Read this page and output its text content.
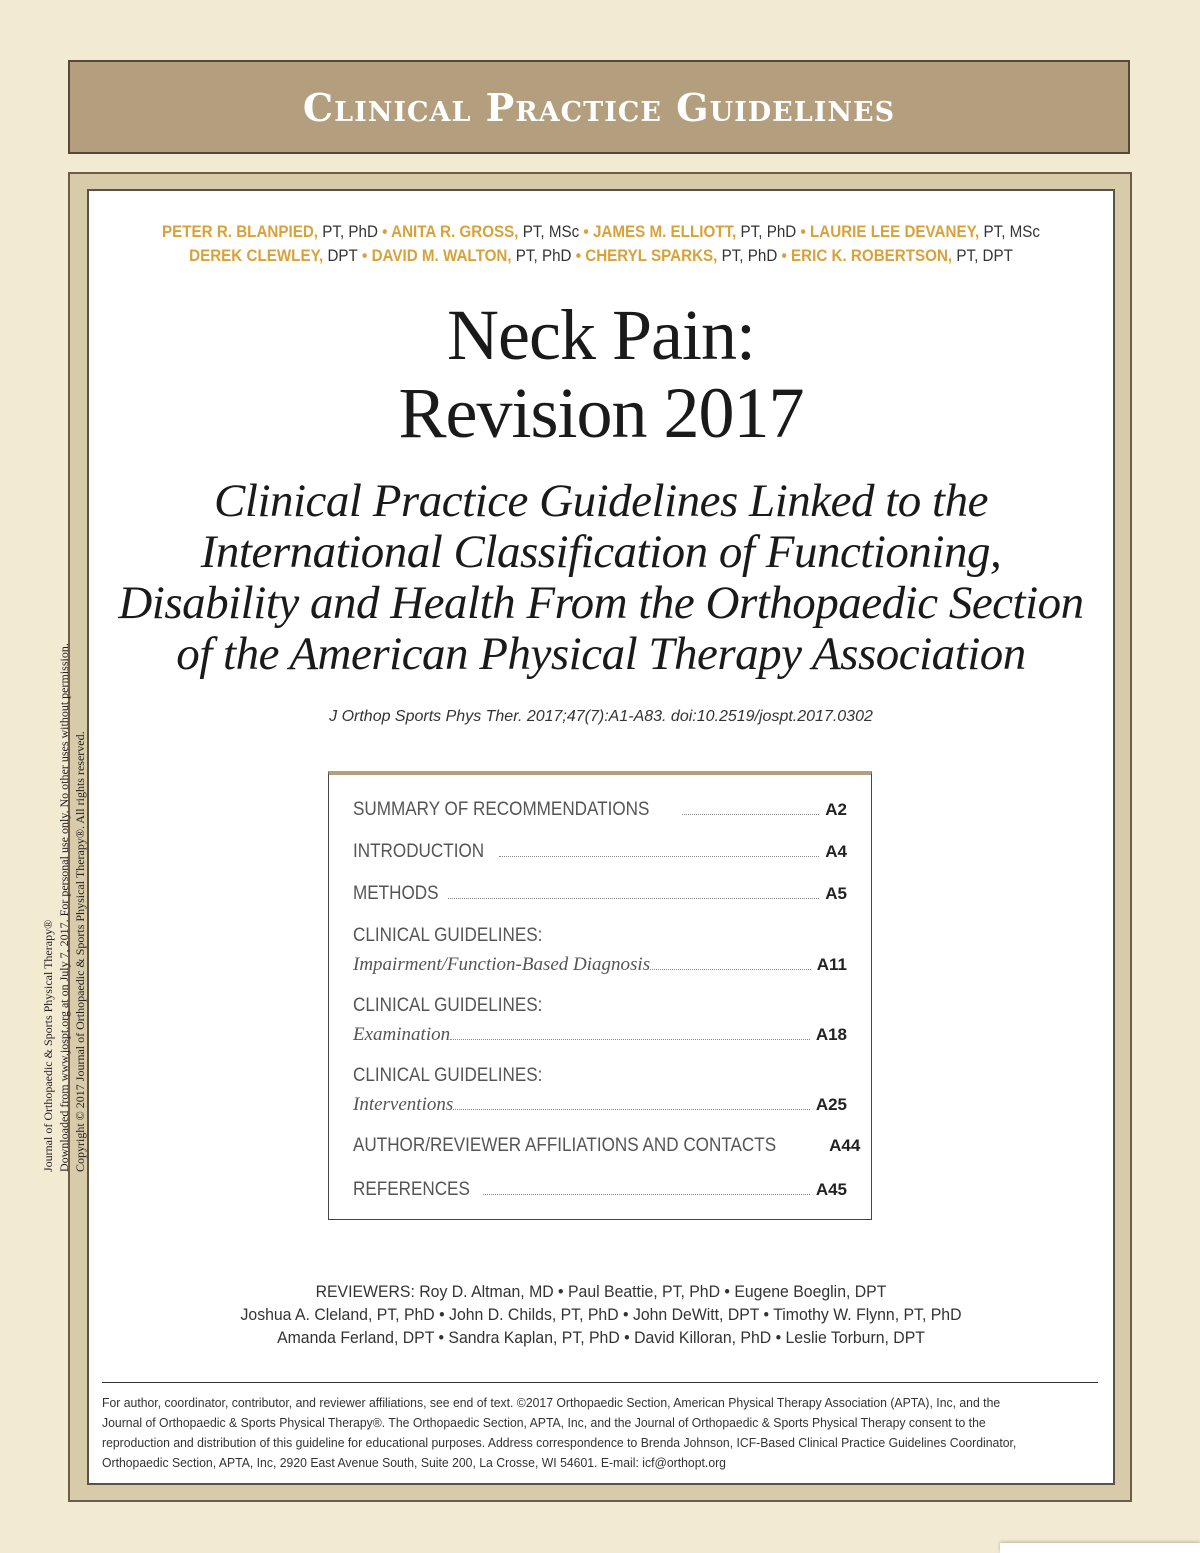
Clinical Practice Guidelines
Journal of Orthopaedic & Sports Physical Therapy® Downloaded from www.jospt.org at on July 7, 2017. For personal use only. No other uses without permission. Copyright © 2017 Journal of Orthopaedic & Sports Physical Therapy®. All rights reserved.
PETER R. BLANPIED, PT, PhD • ANITA R. GROSS, PT, MSc • JAMES M. ELLIOTT, PT, PhD • LAURIE LEE DEVANEY, PT, MSc
DEREK CLEWLEY, DPT • DAVID M. WALTON, PT, PhD • CHERYL SPARKS, PT, PhD • ERIC K. ROBERTSON, PT, DPT
Neck Pain:
Revision 2017
Clinical Practice Guidelines Linked to the
International Classification of Functioning,
Disability and Health From the Orthopaedic Section
of the American Physical Therapy Association
J Orthop Sports Phys Ther. 2017;47(7):A1-A83. doi:10.2519/jospt.2017.0302
SUMMARY OF RECOMMENDATIONS	A2
INTRODUCTION	A4
METHODS	A5
CLINICAL GUIDELINES:
Impairment/Function-Based Diagnosis	A11
CLINICAL GUIDELINES:
Examination	A18
CLINICAL GUIDELINES:
Interventions	A25
AUTHOR/REVIEWER AFFILIATIONS AND CONTACTS	A44
REFERENCES	A45
REVIEWERS: Roy D. Altman, MD • Paul Beattie, PT, PhD • Eugene Boeglin, DPT
Joshua A. Cleland, PT, PhD • John D. Childs, PT, PhD • John DeWitt, DPT • Timothy W. Flynn, PT, PhD
Amanda Ferland, DPT • Sandra Kaplan, PT, PhD • David Killoran, PhD • Leslie Torburn, DPT
For author, coordinator, contributor, and reviewer affiliations, see end of text. ©2017 Orthopaedic Section, American Physical Therapy Association (APTA), Inc, and the
Journal of Orthopaedic & Sports Physical Therapy®. The Orthopaedic Section, APTA, Inc, and the Journal of Orthopaedic & Sports Physical Therapy consent to the
reproduction and distribution of this guideline for educational purposes. Address correspondence to Brenda Johnson, ICF-Based Clinical Practice Guidelines Coordinator,
Orthopaedic Section, APTA, Inc, 2920 East Avenue South, Suite 200, La Crosse, WI 54601. E-mail: icf@orthopt.org
